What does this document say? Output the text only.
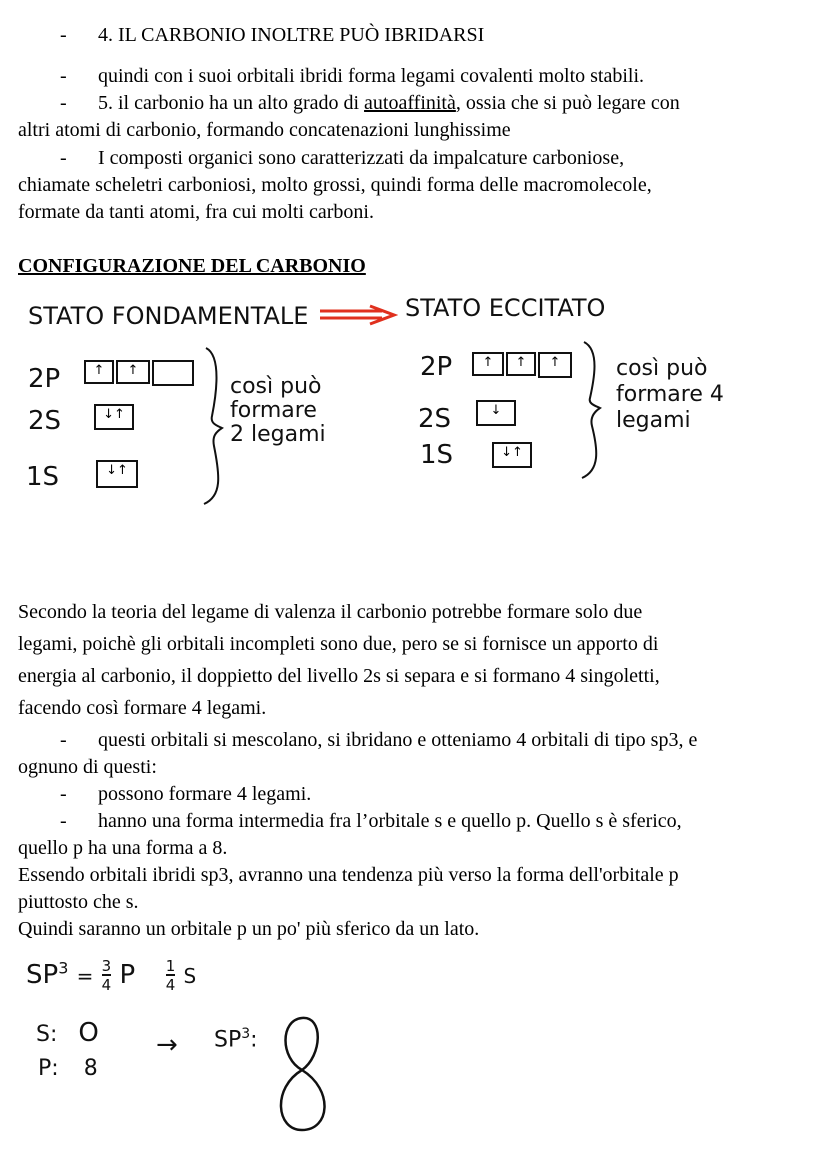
- 4. IL CARBONIO INOLTRE PUÒ IBRIDARSI

- quindi con i suoi orbitali ibridi forma legami covalenti molto stabili.

- 5. il carbonio ha un alto grado di autoaffinità, ossia che si può legare con

altri atomi di carbonio, formando concatenazioni lunghissime

- I composti organici sono caratterizzati da impalcature carboniose,

chiamate scheletri carboniosi, molto grossi, quindi forma delle macromolecole,

formate da tanti atomi, fra cui molti carboni.

CONFIGURAZIONE DEL CARBONIO

STATO FONDAMENTALE	STATO ECCITATO
2P	↑	↑
2S	↓↑
1S	↓↑
così può
formare
2 legami
2P	↑	↑	↑
2S	↓
1S	↓↑
così può
formare 4
legami

Secondo la teoria del legame di valenza il carbonio potrebbe formare solo due
legami, poichè gli orbitali incompleti sono due, pero se si fornisce un apporto di
energia al carbonio, il doppietto del livello 2s si separa e si formano 4 singoletti,
facendo così formare 4 legami.

- questi orbitali si mescolano, si ibridano e otteniamo 4 orbitali di tipo sp3, e

ognuno di questi:

- possono formare 4 legami.

- hanno una forma intermedia fra l’orbitale s e quello p. Quello s è sferico,

quello p ha una forma a 8.

Essendo orbitali ibridi sp3, avranno una tendenza più verso la forma dell'orbitale p

piuttosto che s.

Quindi saranno un orbitale p un po' più sferico da un lato.

$SP^3 = \frac{3}{4}$ P $\frac{1}{4}$ S
S: O
P: 8
→ $SP^3$:
